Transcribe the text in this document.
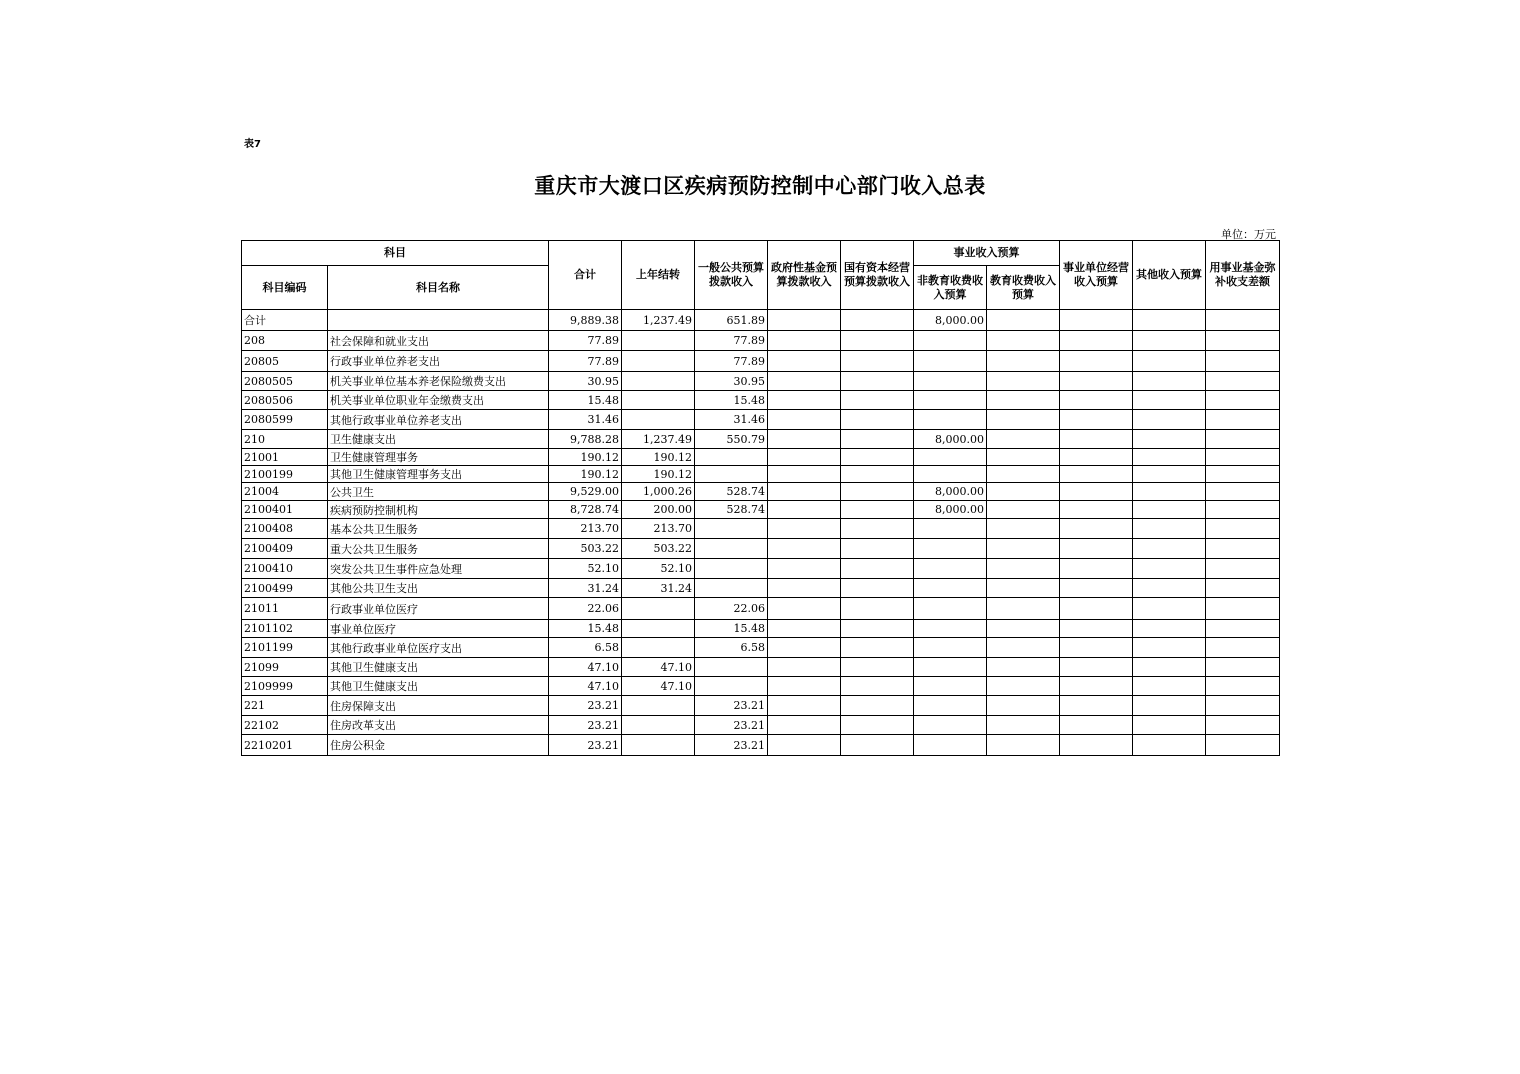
表7
重庆市大渡口区疾病预防控制中心部门收入总表
单位：万元
科目		合计	上年结转	一般公共预算拨款收入	政府性基金预算拨款收入	国有资本经营预算拨款收入	事业收入预算		事业单位经营收入预算	其他收入预算	用事业基金弥补收支差额
科目编码	科目名称						非教育收费收入预算	教育收费收入预算			
合计		9,889.38	1,237.49	651.89			8,000.00				
208	社会保障和就业支出	77.89		77.89							
20805	行政事业单位养老支出	77.89		77.89							
2080505	机关事业单位基本养老保险缴费支出	30.95		30.95							
2080506	机关事业单位职业年金缴费支出	15.48		15.48							
2080599	其他行政事业单位养老支出	31.46		31.46							
210	卫生健康支出	9,788.28	1,237.49	550.79			8,000.00				
21001	卫生健康管理事务	190.12	190.12								
2100199	其他卫生健康管理事务支出	190.12	190.12								
21004	公共卫生	9,529.00	1,000.26	528.74			8,000.00				
2100401	疾病预防控制机构	8,728.74	200.00	528.74			8,000.00				
2100408	基本公共卫生服务	213.70	213.70								
2100409	重大公共卫生服务	503.22	503.22								
2100410	突发公共卫生事件应急处理	52.10	52.10								
2100499	其他公共卫生支出	31.24	31.24								
21011	行政事业单位医疗	22.06		22.06							
2101102	事业单位医疗	15.48		15.48							
2101199	其他行政事业单位医疗支出	6.58		6.58							
21099	其他卫生健康支出	47.10	47.10								
2109999	其他卫生健康支出	47.10	47.10								
221	住房保障支出	23.21		23.21							
22102	住房改革支出	23.21		23.21							
2210201	住房公积金	23.21		23.21							
